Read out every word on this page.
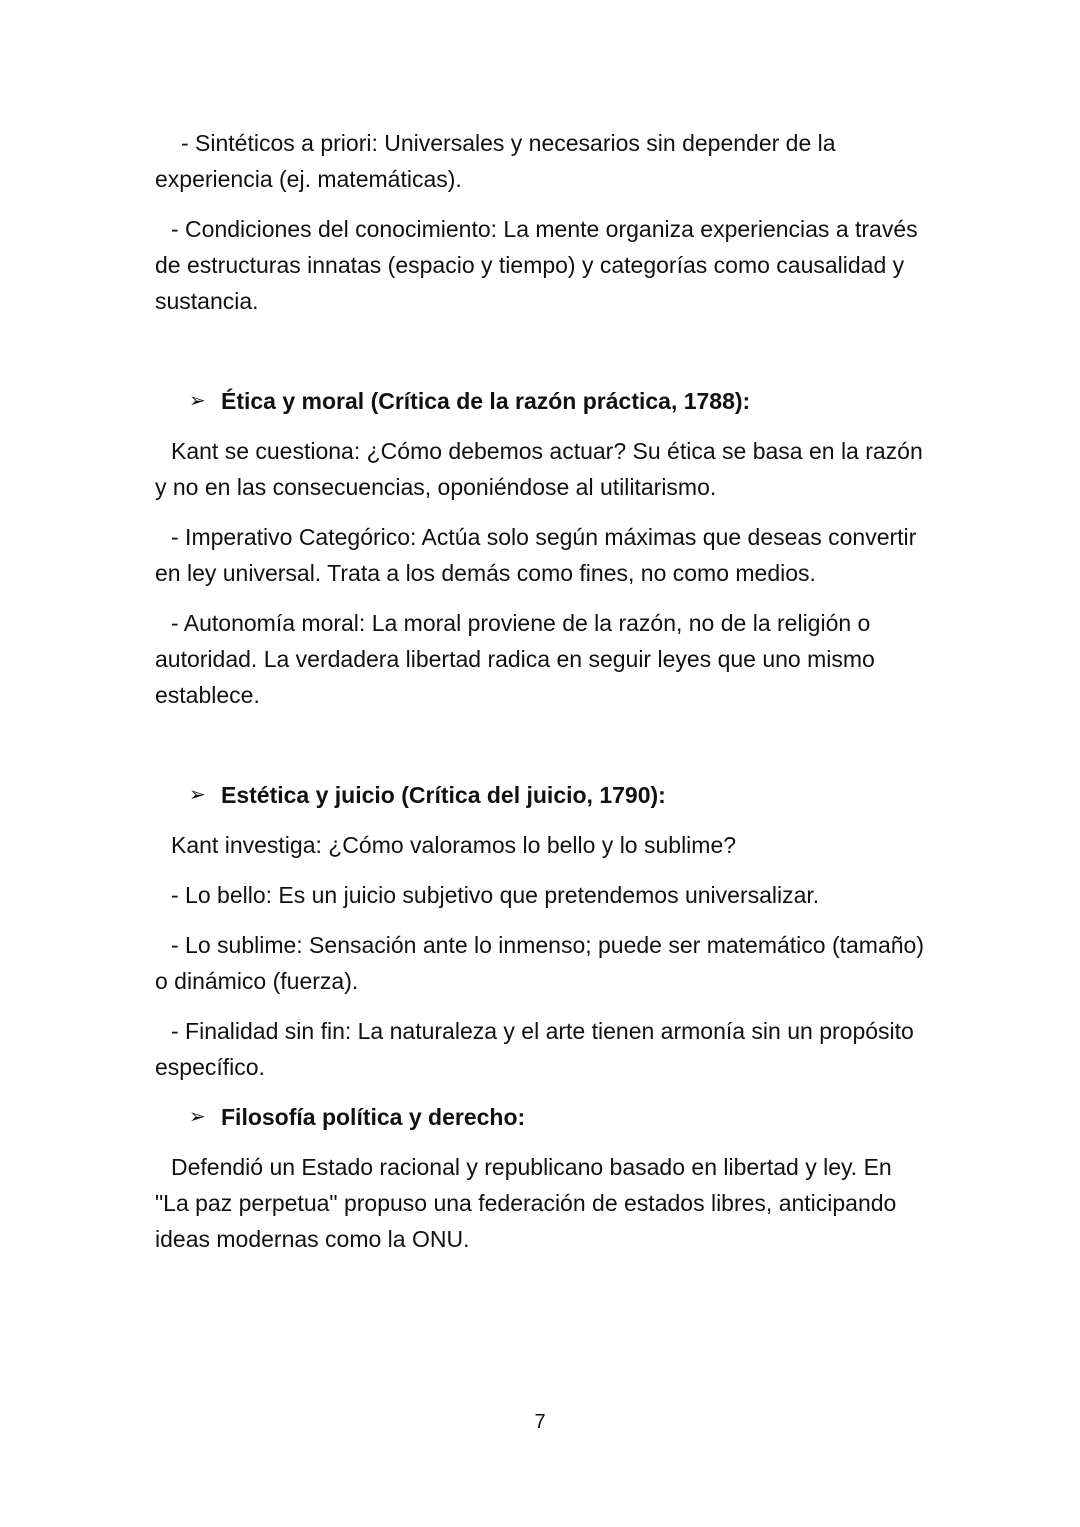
- Sintéticos a priori: Universales y necesarios sin depender de la experiencia (ej. matemáticas).

- Condiciones del conocimiento: La mente organiza experiencias a través de estructuras innatas (espacio y tiempo) y categorías como causalidad y sustancia.

➢ Ética y moral (Crítica de la razón práctica, 1788):

Kant se cuestiona: ¿Cómo debemos actuar? Su ética se basa en la razón y no en las consecuencias, oponiéndose al utilitarismo.

- Imperativo Categórico: Actúa solo según máximas que deseas convertir en ley universal. Trata a los demás como fines, no como medios.

- Autonomía moral: La moral proviene de la razón, no de la religión o autoridad. La verdadera libertad radica en seguir leyes que uno mismo establece.

➢ Estética y juicio (Crítica del juicio, 1790):

Kant investiga: ¿Cómo valoramos lo bello y lo sublime?

- Lo bello: Es un juicio subjetivo que pretendemos universalizar.

- Lo sublime: Sensación ante lo inmenso; puede ser matemático (tamaño) o dinámico (fuerza).

- Finalidad sin fin: La naturaleza y el arte tienen armonía sin un propósito específico.

➢ Filosofía política y derecho:

Defendió un Estado racional y republicano basado en libertad y ley. En "La paz perpetua" propuso una federación de estados libres, anticipando ideas modernas como la ONU.

7
